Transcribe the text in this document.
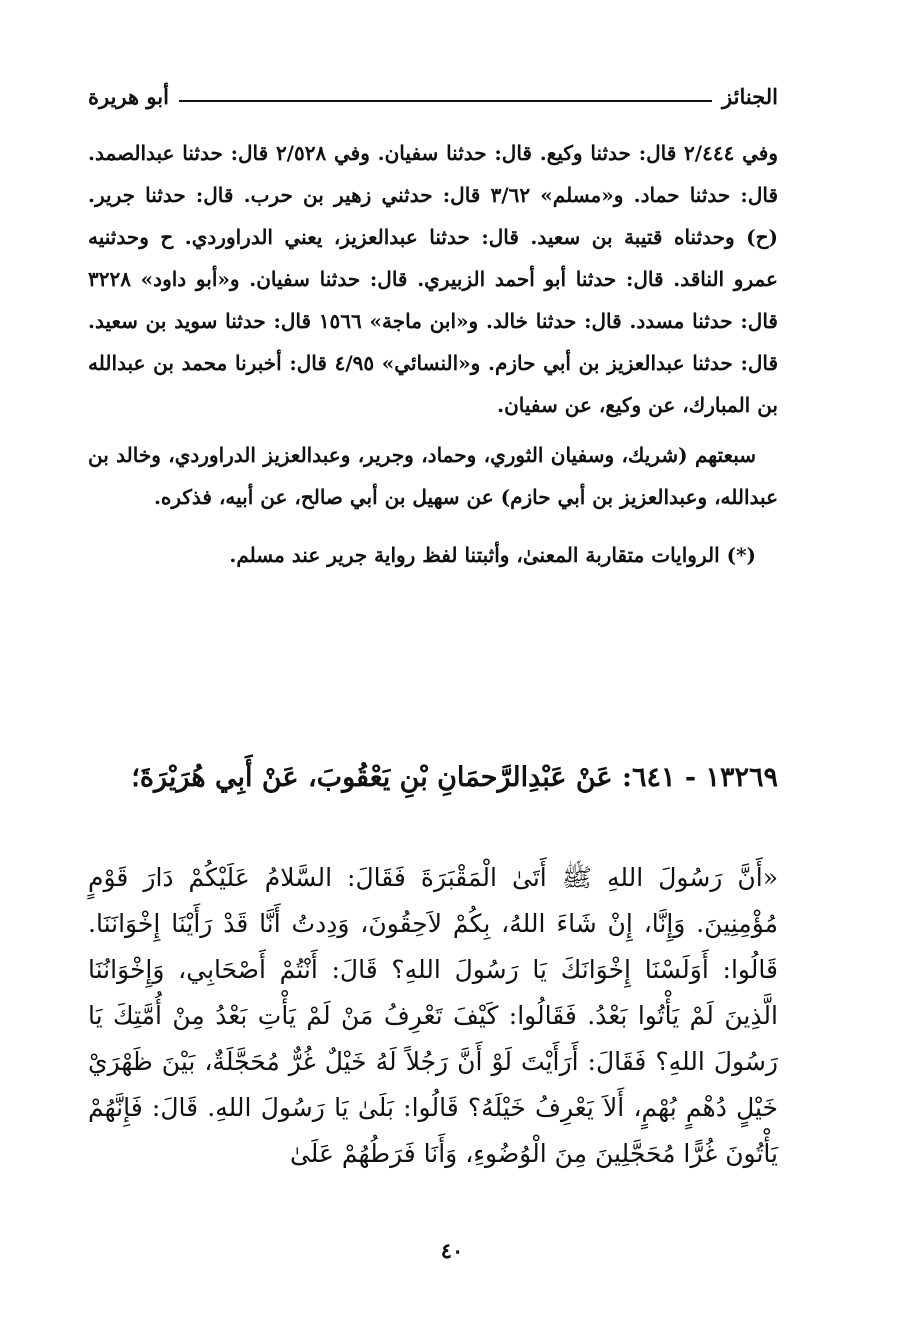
الجنائز
أبو هريرة

وفي ٢/٤٤٤ قال: حدثنا وكيع. قال: حدثنا سفيان. وفي ٢/٥٢٨ قال: حدثنا عبدالصمد. قال: حدثنا حماد. و«مسلم» ٣/٦٢ قال: حدثني زهير بن حرب. قال: حدثنا جرير. (ح) وحدثناه قتيبة بن سعيد. قال: حدثنا عبدالعزيز، يعني الدراوردي. ح وحدثنيه عمرو الناقد. قال: حدثنا أبو أحمد الزبيري. قال: حدثنا سفيان. و«أبو داود» ٣٢٢٨ قال: حدثنا مسدد. قال: حدثنا خالد. و«ابن ماجة» ١٥٦٦ قال: حدثنا سويد بن سعيد. قال: حدثنا عبدالعزيز بن أبي حازم. و«النسائي» ٤/٩٥ قال: أخبرنا محمد بن عبدالله بن المبارك، عن وكيع، عن سفيان.

سبعتهم (شريك، وسفيان الثوري، وحماد، وجرير، وعبدالعزيز الدراوردي، وخالد بن عبدالله، وعبدالعزيز بن أبي حازم) عن سهيل بن أبي صالح، عن أبيه، فذكره.

(*) الروايات متقاربة المعنىٰ، وأثبتنا لفظ رواية جرير عند مسلم.

١٣٢٦٩ - ٦٤١: عَنْ عَبْدِالرَّحمَانِ بْنِ يَعْقُوبَ، عَنْ أَبِي هُرَيْرَةَ؛
«أَنَّ رَسُولَ اللهِ ﷺ أَتَىٰ الْمَقْبَرَةَ فَقَالَ: السَّلامُ عَلَيْكُمْ دَارَ قَوْمٍ مُؤْمِنِينَ. وَإِنَّا، إِنْ شَاءَ اللهُ، بِكُمْ لاَحِقُونَ، وَدِدتُ أَنَّا قَدْ رَأَيْنَا إِخْوَانَنَا. قَالُوا: أَوَلَسْنَا إِخْوَانَكَ يَا رَسُولَ اللهِ؟ قَالَ: أَنْتُمْ أَصْحَابِي، وَإِخْوَانُنَا الَّذِينَ لَمْ يَأْتُوا بَعْدُ. فَقَالُوا: كَيْفَ تَعْرِفُ مَنْ لَمْ يَأْتِ بَعْدُ مِنْ أُمَّتِكَ يَا رَسُولَ اللهِ؟ فَقَالَ: أَرَأَيْتَ لَوْ أَنَّ رَجُلاً لَهُ خَيْلٌ غُرٌّ مُحَجَّلَةٌ، بَيْنَ ظَهْرَيْ خَيْلٍ دُهْمٍ بُهْمٍ، أَلاَ يَعْرِفُ خَيْلَهُ؟ قَالُوا: بَلَىٰ يَا رَسُولَ اللهِ. قَالَ: فَإِنَّهُمْ يَأْتُونَ غُرًّا مُحَجَّلِينَ مِنَ الْوُضُوءِ، وَأَنَا فَرَطُهُمْ عَلَىٰ
٤٠
